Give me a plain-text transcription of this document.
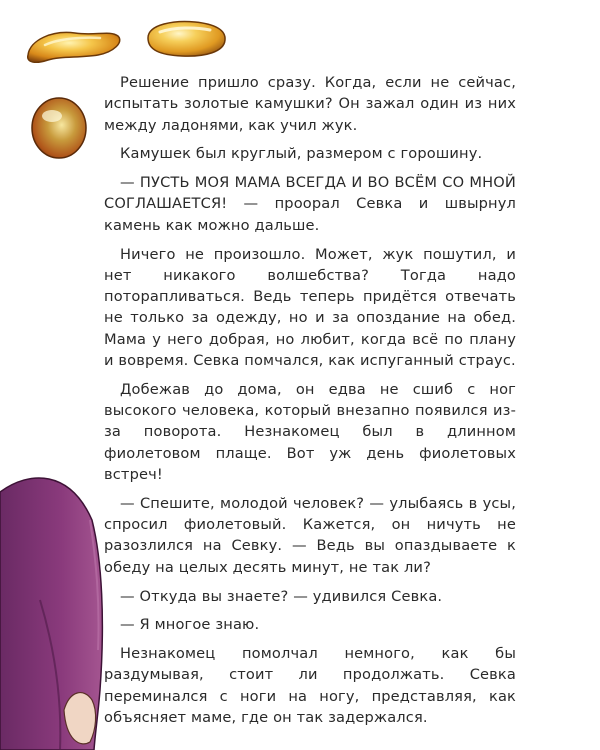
Решение пришло сразу. Когда, если не сейчас, испытать золотые камушки? Он зажал один из них между ладонями, как учил жук.

Камушек был круглый, размером с горошину.

— ПУСТЬ МОЯ МАМА ВСЕГДА И ВО ВСЁМ СО МНОЙ СОГЛАШАЕТСЯ! — проорал Севка и швырнул камень как можно дальше.

Ничего не произошло. Может, жук пошутил, и нет никакого волшебства? Тогда надо поторапливаться. Ведь теперь придётся отвечать не только за одежду, но и за опоздание на обед. Мама у него добрая, но любит, когда всё по плану и вовремя. Севка помчался, как испуганный страус.

Добежав до дома, он едва не сшиб с ног высокого человека, который внезапно появился из-за поворота. Незнакомец был в длинном фиолетовом плаще. Вот уж день фиолетовых встреч!

— Спешите, молодой человек? — улыбаясь в усы, спросил фиолетовый. Кажется, он ничуть не разозлился на Севку. — Ведь вы опаздываете к обеду на целых десять минут, не так ли?

— Откуда вы знаете? — удивился Севка.

— Я многое знаю.

Незнакомец помолчал немного, как бы раздумывая, стоит ли продолжать. Севка переминался с ноги на ногу, представляя, как объясняет маме, где он так задержался.
